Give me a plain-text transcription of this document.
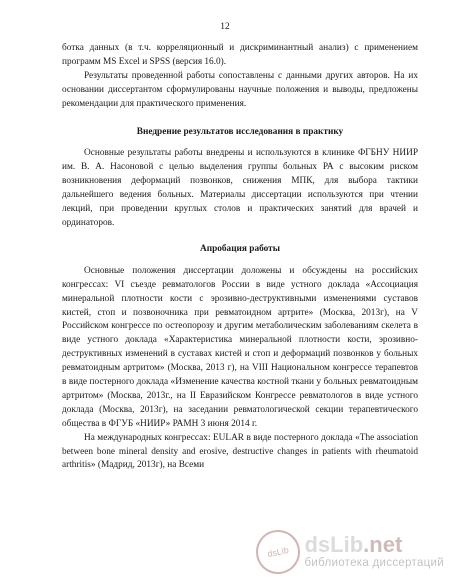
12

ботка данных (в т.ч. корреляционный и дискриминантный анализ) с применением программ MS Excel и SPSS (версия 16.0).

Результаты проведенной работы сопоставлены с данными других авторов. На их основании диссертантом сформулированы научные положения и выводы, предложены рекомендации для практического применения.

Внедрение результатов исследования в практику

Основные результаты работы внедрены и используются в клинике ФГБНУ НИИР им. В. А. Насоновой с целью выделения группы больных РА с высоким риском возникновения деформаций позвонков, снижения МПК, для выбора тактики дальнейшего ведения больных. Материалы диссертации используются при чтении лекций, при проведении круглых столов и практических занятий для врачей и ординаторов.

Апробация работы

Основные положения диссертации доложены и обсуждены на российских конгрессах: VI съезде ревматологов России в виде устного доклада «Ассоциация минеральной плотности кости с эрозивно-деструктивными изменениями суставов кистей, стоп и позвоночника при ревматоидном артрите» (Москва, 2013г), на V Российском конгрессе по остеопорозу и другим метаболическим заболеваниям скелета в виде устного доклада «Характеристика минеральной плотности кости, эрозивно-деструктивных изменений в суставах кистей и стоп и деформаций позвонков у больных ревматоидным артритом» (Москва, 2013 г), на VIII Национальном конгрессе терапевтов в виде постерного доклада «Изменение качества костной ткани у больных ревматоидным артритом» (Москва, 2013г., на II Евразийском Конгрессе ревматологов в виде устного доклада (Москва, 2013г), на заседании ревматологической секции терапевтического общества в ФГУБ «НИИР» РАМН 3 июня 2014 г.

На международных конгрессах: EULAR в виде постерного доклада «The association between bone mineral density and erosive, destructive changes in patients with rheumatoid arthritis» (Мадрид, 2013г), на Всеми

dsLib dsLib.net
библиотека диссертаций
